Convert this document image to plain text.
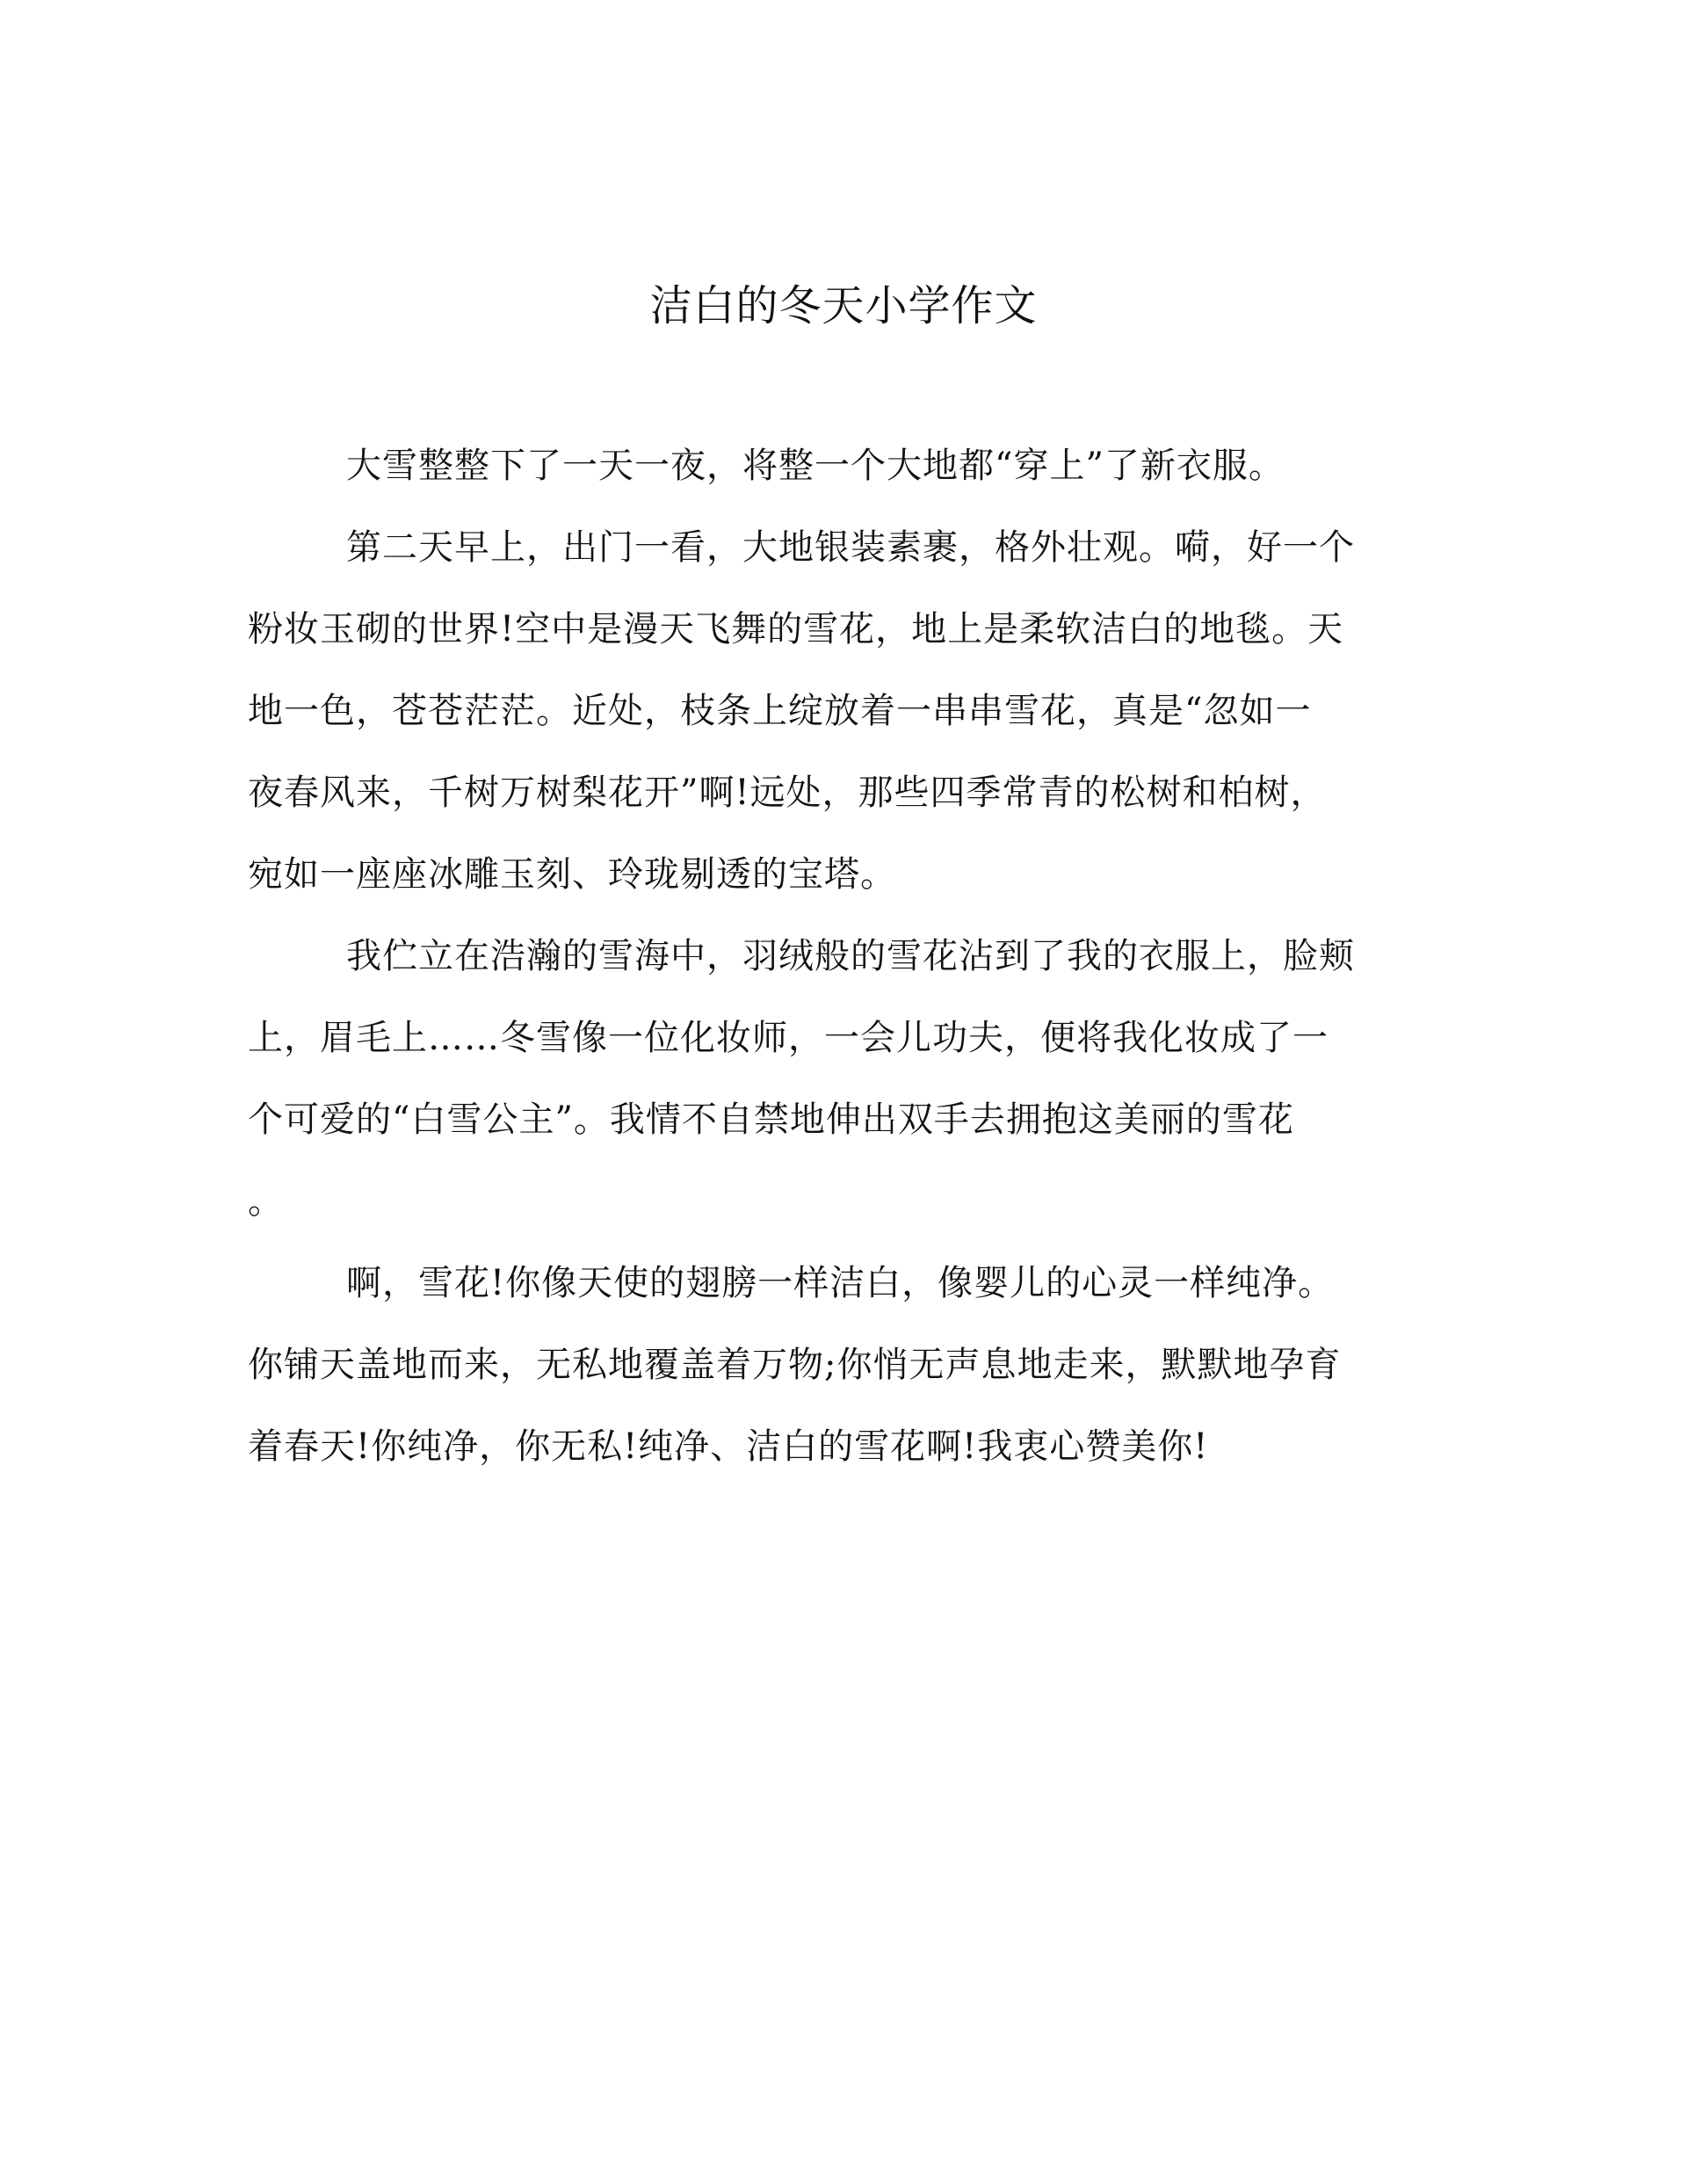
洁白的冬天小学作文
大雪整整下了一天一夜，将整一个大地都“穿上”了新衣服。
第二天早上，出门一看，大地银装素裹，格外壮观。嗬，好一个
粉妆玉砌的世界!空中是漫天飞舞的雪花，地上是柔软洁白的地毯。天
地一色，苍苍茫茫。近处，枝条上绽放着一串串雪花，真是“忽如一
夜春风来，千树万树梨花开”啊!远处，那些四季常青的松树和柏树，
宛如一座座冰雕玉刻、玲珑剔透的宝塔。
我伫立在浩瀚的雪海中，羽绒般的雪花沾到了我的衣服上，脸颊
上，眉毛上……冬雪像一位化妆师，一会儿功夫，便将我化妆成了一
个可爱的“白雪公主”。我情不自禁地伸出双手去拥抱这美丽的雪花
。
啊，雪花!你像天使的翅膀一样洁白，像婴儿的心灵一样纯净。
你铺天盖地而来，无私地覆盖着万物;你悄无声息地走来，默默地孕育
着春天!你纯净，你无私!纯净、洁白的雪花啊!我衷心赞美你!
